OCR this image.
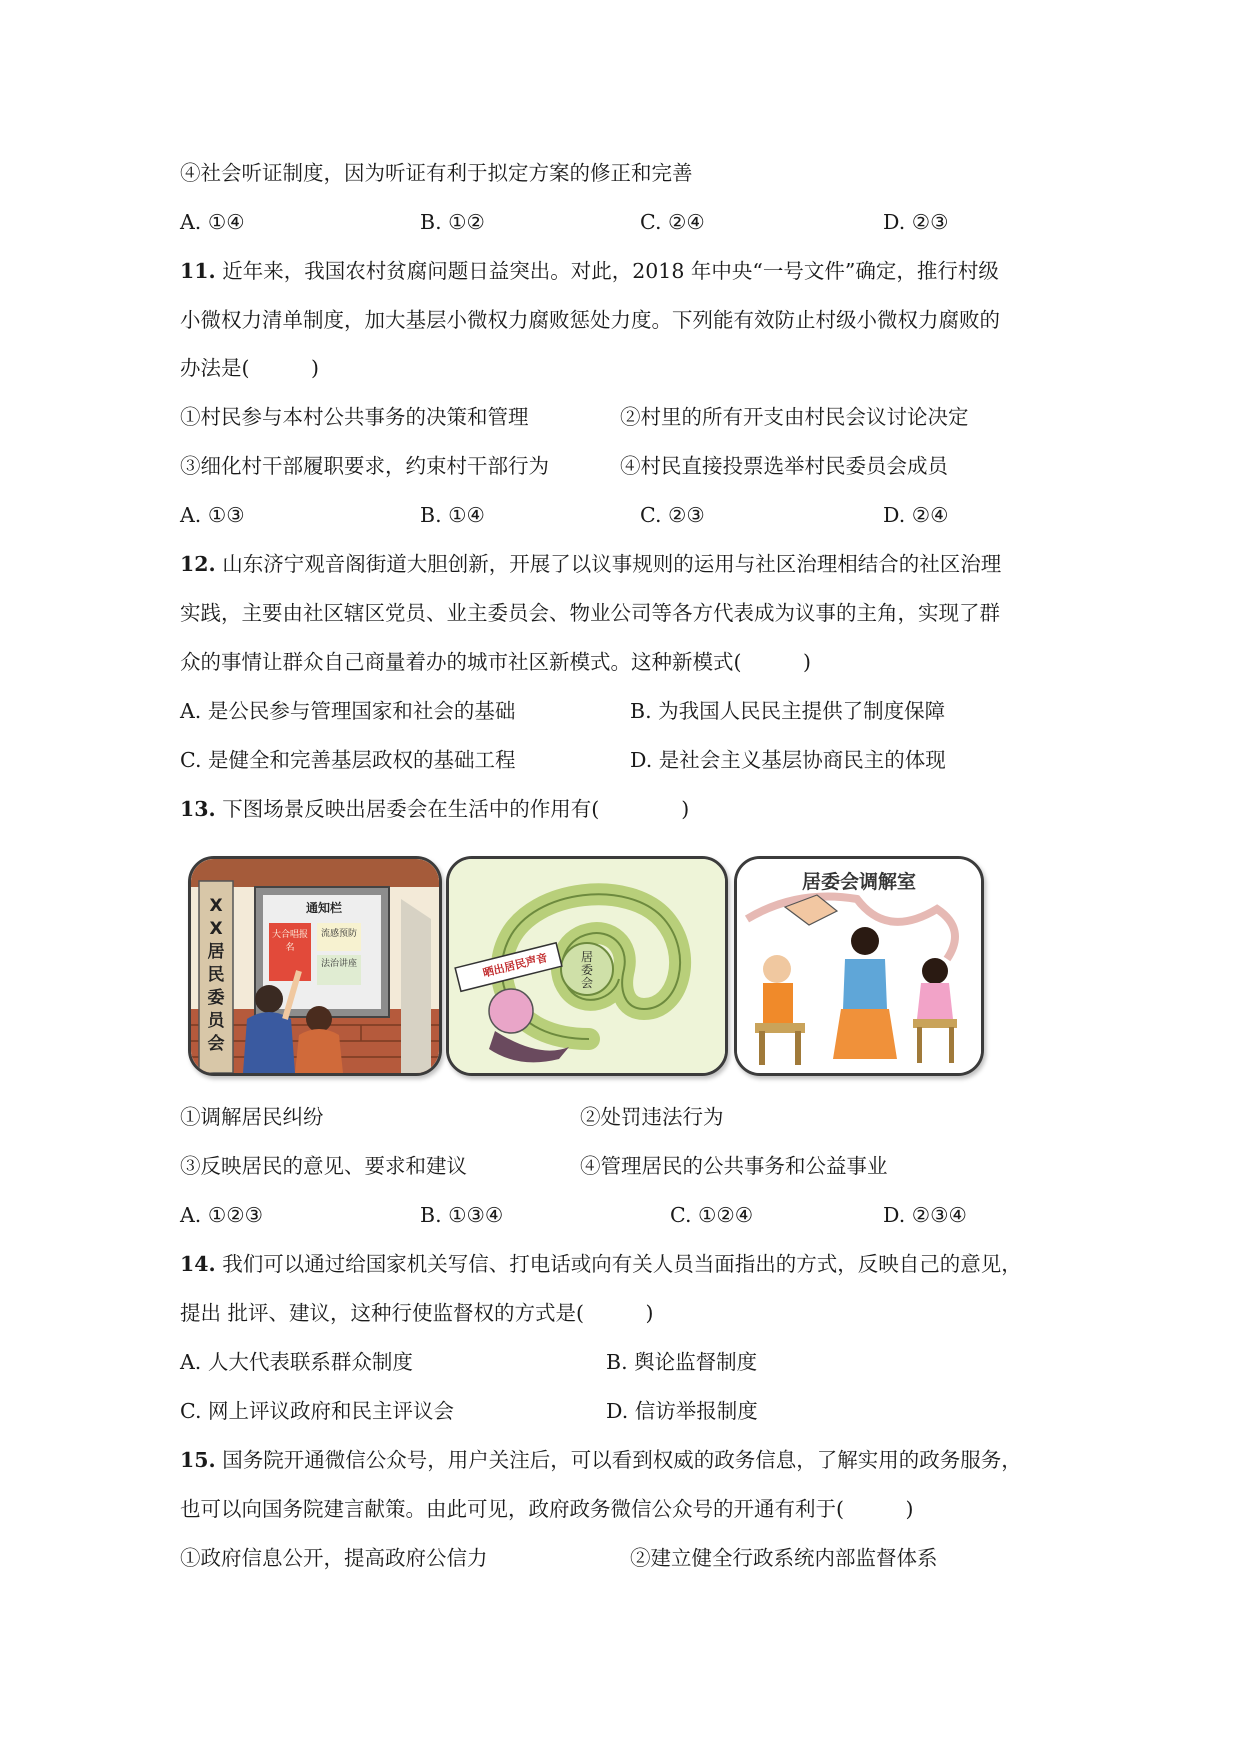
④社会听证制度，因为听证有利于拟定方案的修正和完善
A. ①④	B. ①②	C. ②④	D. ②③
11. 近年来，我国农村贫腐问题日益突出。对此，2018 年中央“一号文件”确定，推行村级
小微权力清单制度，加大基层小微权力腐败惩处力度。下列能有效防止村级小微权力腐败的
办法是(　　　)
①村民参与本村公共事务的决策和管理	②村里的所有开支由村民会议讨论决定
③细化村干部履职要求，约束村干部行为	④村民直接投票选举村民委员会成员
A. ①③	B. ①④	C. ②③	D. ②④
12. 山东济宁观音阁街道大胆创新，开展了以议事规则的运用与社区治理相结合的社区治理
实践，主要由社区辖区党员、业主委员会、物业公司等各方代表成为议事的主角，实现了群
众的事情让群众自己商量着办的城市社区新模式。这种新模式(　　　)
A. 是公民参与管理国家和社会的基础	B. 为我国人民民主提供了制度保障
C. 是健全和完善基层政权的基础工程	D. 是社会主义基层协商民主的体现
13. 下图场景反映出居委会在生活中的作用有(　　　　)
XX居民委员会
通知栏
大合唱报名
流感预防
法治讲座	晒出居民声音	居委会
居委会调解室
①调解居民纠纷	②处罚违法行为
③反映居民的意见、要求和建议	④管理居民的公共事务和公益事业
A. ①②③	B. ①③④	C. ①②④	D. ②③④
14. 我们可以通过给国家机关写信、打电话或向有关人员当面指出的方式，反映自己的意见，
提出 批评、建议，这种行使监督权的方式是(　　　)
A. 人大代表联系群众制度	B. 舆论监督制度
C. 网上评议政府和民主评议会	D. 信访举报制度
15. 国务院开通微信公众号，用户关注后，可以看到权威的政务信息，了解实用的政务服务，
也可以向国务院建言献策。由此可见，政府政务微信公众号的开通有利于(　　　)
①政府信息公开，提高政府公信力	②建立健全行政系统内部监督体系
